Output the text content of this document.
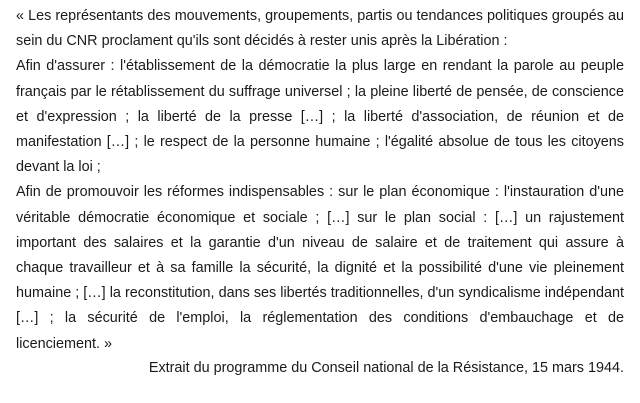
« Les représentants des mouvements, groupements, partis ou tendances politiques groupés au sein du CNR proclament qu'ils sont décidés à rester unis après la Libération :

Afin d'assurer : l'établissement de la démocratie la plus large en rendant la parole au peuple français par le rétablissement du suffrage universel ; la pleine liberté de pensée, de conscience et d'expression ; la liberté de la presse […] ; la liberté d'association, de réunion et de manifestation […] ; le respect de la personne humaine ; l'égalité absolue de tous les citoyens devant la loi ;

Afin de promouvoir les réformes indispensables : sur le plan économique : l'instauration d'une véritable démocratie économique et sociale ; […] sur le plan social : […] un rajustement important des salaires et la garantie d'un niveau de salaire et de traitement qui assure à chaque travailleur et à sa famille la sécurité, la dignité et la possibilité d'une vie pleinement humaine ; […] la reconstitution, dans ses libertés traditionnelles, d'un syndicalisme indépendant […] ; la sécurité de l'emploi, la réglementation des conditions d'embauchage et de licenciement. »

Extrait du programme du Conseil national de la Résistance, 15 mars 1944.
